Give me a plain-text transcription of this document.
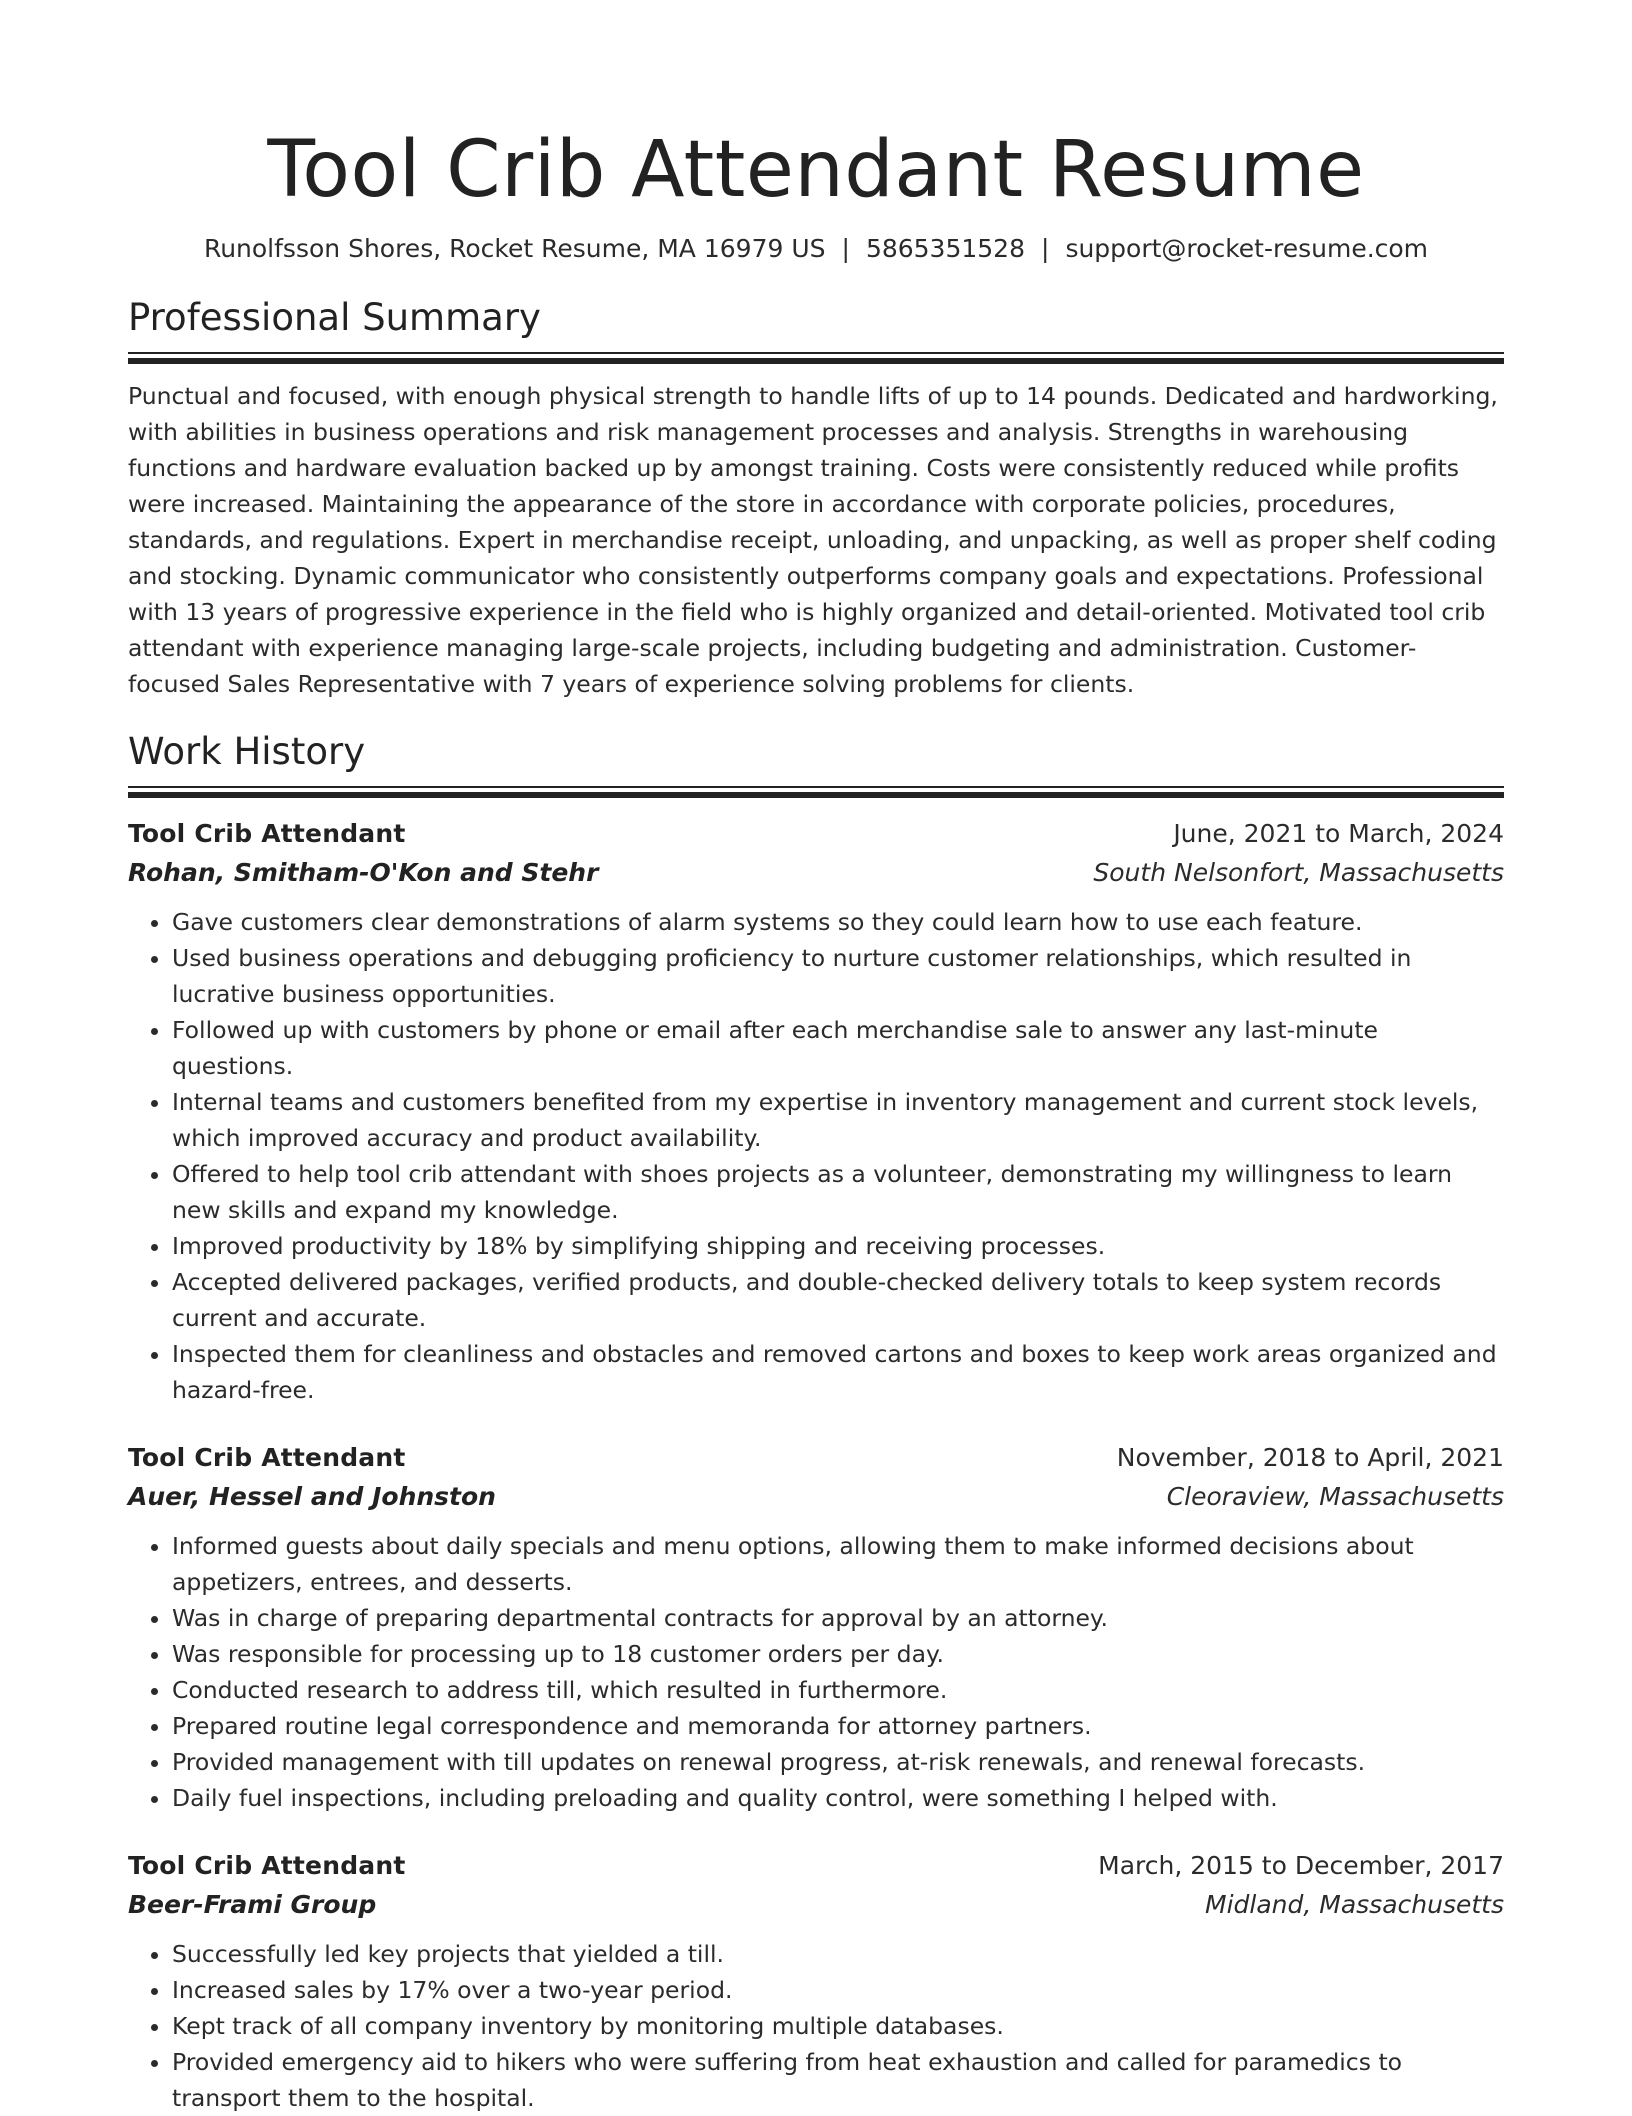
Tool Crib Attendant Resume
Runolfsson Shores, Rocket Resume, MA 16979 US | 5865351528 | support@rocket-resume.com
Professional Summary

Punctual and focused, with enough physical strength to handle lifts of up to 14 pounds. Dedicated and hardworking, with abilities in business operations and risk management processes and analysis. Strengths in warehousing functions and hardware evaluation backed up by amongst training. Costs were consistently reduced while profits were increased. Maintaining the appearance of the store in accordance with corporate policies, procedures, standards, and regulations. Expert in merchandise receipt, unloading, and unpacking, as well as proper shelf coding and stocking. Dynamic communicator who consistently outperforms company goals and expectations. Professional with 13 years of progressive experience in the field who is highly organized and detail-oriented. Motivated tool crib attendant with experience managing large-scale projects, including budgeting and administration. Customer-focused Sales Representative with 7 years of experience solving problems for clients.

Work History
Tool Crib Attendant	June, 2021 to March, 2024
Rohan, Smitham-O'Kon and Stehr	South Nelsonfort, Massachusetts
• Gave customers clear demonstrations of alarm systems so they could learn how to use each feature.
• Used business operations and debugging proficiency to nurture customer relationships, which resulted in lucrative business opportunities.
• Followed up with customers by phone or email after each merchandise sale to answer any last-minute questions.
• Internal teams and customers benefited from my expertise in inventory management and current stock levels, which improved accuracy and product availability.
• Offered to help tool crib attendant with shoes projects as a volunteer, demonstrating my willingness to learn new skills and expand my knowledge.
• Improved productivity by 18% by simplifying shipping and receiving processes.
• Accepted delivered packages, verified products, and double-checked delivery totals to keep system records current and accurate.
• Inspected them for cleanliness and obstacles and removed cartons and boxes to keep work areas organized and hazard-free.
Tool Crib Attendant	November, 2018 to April, 2021
Auer, Hessel and Johnston	Cleoraview, Massachusetts
• Informed guests about daily specials and menu options, allowing them to make informed decisions about appetizers, entrees, and desserts.
• Was in charge of preparing departmental contracts for approval by an attorney.
• Was responsible for processing up to 18 customer orders per day.
• Conducted research to address till, which resulted in furthermore.
• Prepared routine legal correspondence and memoranda for attorney partners.
• Provided management with till updates on renewal progress, at-risk renewals, and renewal forecasts.
• Daily fuel inspections, including preloading and quality control, were something I helped with.
Tool Crib Attendant	March, 2015 to December, 2017
Beer-Frami Group	Midland, Massachusetts
• Successfully led key projects that yielded a till.
• Increased sales by 17% over a two-year period.
• Kept track of all company inventory by monitoring multiple databases.
• Provided emergency aid to hikers who were suffering from heat exhaustion and called for paramedics to transport them to the hospital.
